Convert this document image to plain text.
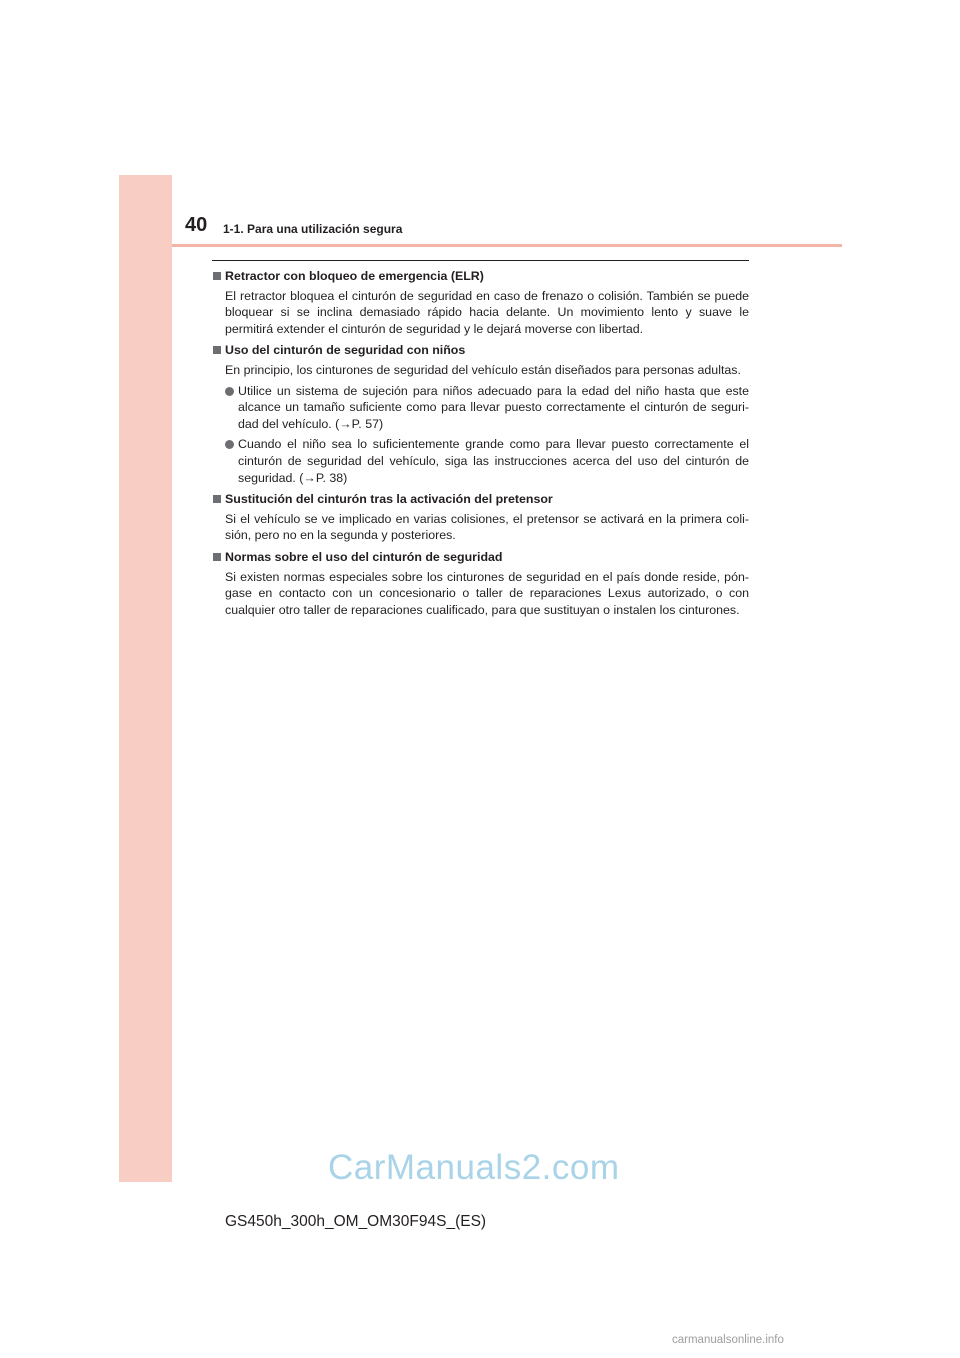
40 1-1. Para una utilización segura
Retractor con bloqueo de emergencia (ELR)
El retractor bloquea el cinturón de seguridad en caso de frenazo o colisión. También se puede bloquear si se inclina demasiado rápido hacia delante. Un movimiento lento y suave le permitirá extender el cinturón de seguridad y le dejará moverse con libertad.
Uso del cinturón de seguridad con niños
En principio, los cinturones de seguridad del vehículo están diseñados para personas adultas.
Utilice un sistema de sujeción para niños adecuado para la edad del niño hasta que este alcance un tamaño suficiente como para llevar puesto correctamente el cinturón de seguri-dad del vehículo. (→P. 57)
Cuando el niño sea lo suficientemente grande como para llevar puesto correctamente el cinturón de seguridad del vehículo, siga las instrucciones acerca del uso del cinturón de seguridad. (→P. 38)
Sustitución del cinturón tras la activación del pretensor
Si el vehículo se ve implicado en varias colisiones, el pretensor se activará en la primera coli-sión, pero no en la segunda y posteriores.
Normas sobre el uso del cinturón de seguridad
Si existen normas especiales sobre los cinturones de seguridad en el país donde reside, pón-gase en contacto con un concesionario o taller de reparaciones Lexus autorizado, o con cualquier otro taller de reparaciones cualificado, para que sustituyan o instalen los cinturones.
CarManuals2.com
GS450h_300h_OM_OM30F94S_(ES)
carmanualsonline.info
